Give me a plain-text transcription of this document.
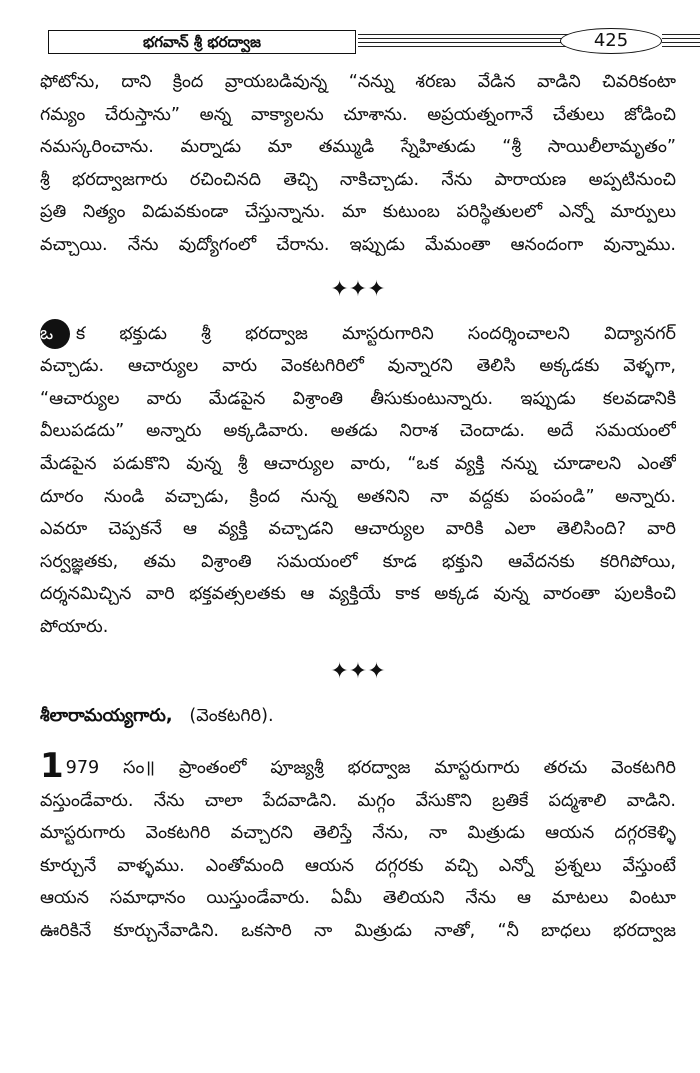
భగవాన్ శ్రీ భరద్వాజ	425

ఫోటోను, దాని క్రింద వ్రాయబడివున్న “నన్ను శరణు వేడిన వాడిని చివరికంటా

గమ్యం చేరుస్తాను” అన్న వాక్యాలను చూశాను. అప్రయత్నంగానే చేతులు జోడించి

నమస్కరించాను. మర్నాడు మా తమ్ముడి స్నేహితుడు “శ్రీ సాయిలీలామృతం”

శ్రీ భరద్వాజగారు రచించినది తెచ్చి నాకిచ్చాడు. నేను పారాయణ అప్పటినుంచి

ప్రతి నిత్యం విడువకుండా చేస్తున్నాను. మా కుటుంబ పరిస్థితులలో ఎన్నో మార్పులు

వచ్చాయి. నేను వుద్యోగంలో చేరాను. ఇప్పుడు మేమంతా ఆనందంగా వున్నాము.

✦✦✦

ఒ క భక్తుడు శ్రీ భరద్వాజ మాస్టరుగారిని సందర్శించాలని విద్యానగర్

వచ్చాడు. ఆచార్యుల వారు వెంకటగిరిలో వున్నారని తెలిసి అక్కడకు వెళ్ళగా,

“ఆచార్యుల వారు మేడపైన విశ్రాంతి తీసుకుంటున్నారు. ఇప్పుడు కలవడానికి

వీలుపడదు” అన్నారు అక్కడివారు. అతడు నిరాశ చెందాడు. అదే సమయంలో

మేడపైన పడుకొని వున్న శ్రీ ఆచార్యుల వారు, “ఒక వ్యక్తి నన్ను చూడాలని ఎంతో

దూరం నుండి వచ్చాడు, క్రింద నున్న అతనిని నా వద్దకు పంపండి” అన్నారు.

ఎవరూ చెప్పకనే ఆ వ్యక్తి వచ్చాడని ఆచార్యుల వారికి ఎలా తెలిసింది? వారి

సర్వజ్ఞతకు, తమ విశ్రాంతి సమయంలో కూడ భక్తుని ఆవేదనకు కరిగిపోయి,

దర్శనమిచ్చిన వారి భక్తవత్సలతకు ఆ వ్యక్తియే కాక అక్కడ వున్న వారంతా పులకించి

పోయారు.

✦✦✦

శీలారామయ్యగారు, (వెంకటగిరి).

1 979 సం॥ ప్రాంతంలో పూజ్యశ్రీ భరద్వాజ మాస్టరుగారు తరచు వెంకటగిరి

వస్తుండేవారు. నేను చాలా పేదవాడిని. మగ్గం వేసుకొని బ్రతికే పద్మశాలి వాడిని.

మాస్టరుగారు వెంకటగిరి వచ్చారని తెలిస్తే నేను, నా మిత్రుడు ఆయన దగ్గరకెళ్ళి

కూర్చునే వాళ్ళము. ఎంతోమంది ఆయన దగ్గరకు వచ్చి ఎన్నో ప్రశ్నలు వేస్తుంటే

ఆయన సమాధానం యిస్తుండేవారు. ఏమీ తెలియని నేను ఆ మాటలు వింటూ

ఊరికినే కూర్చునేవాడిని. ఒకసారి నా మిత్రుడు నాతో, “నీ బాధలు భరద్వాజ
